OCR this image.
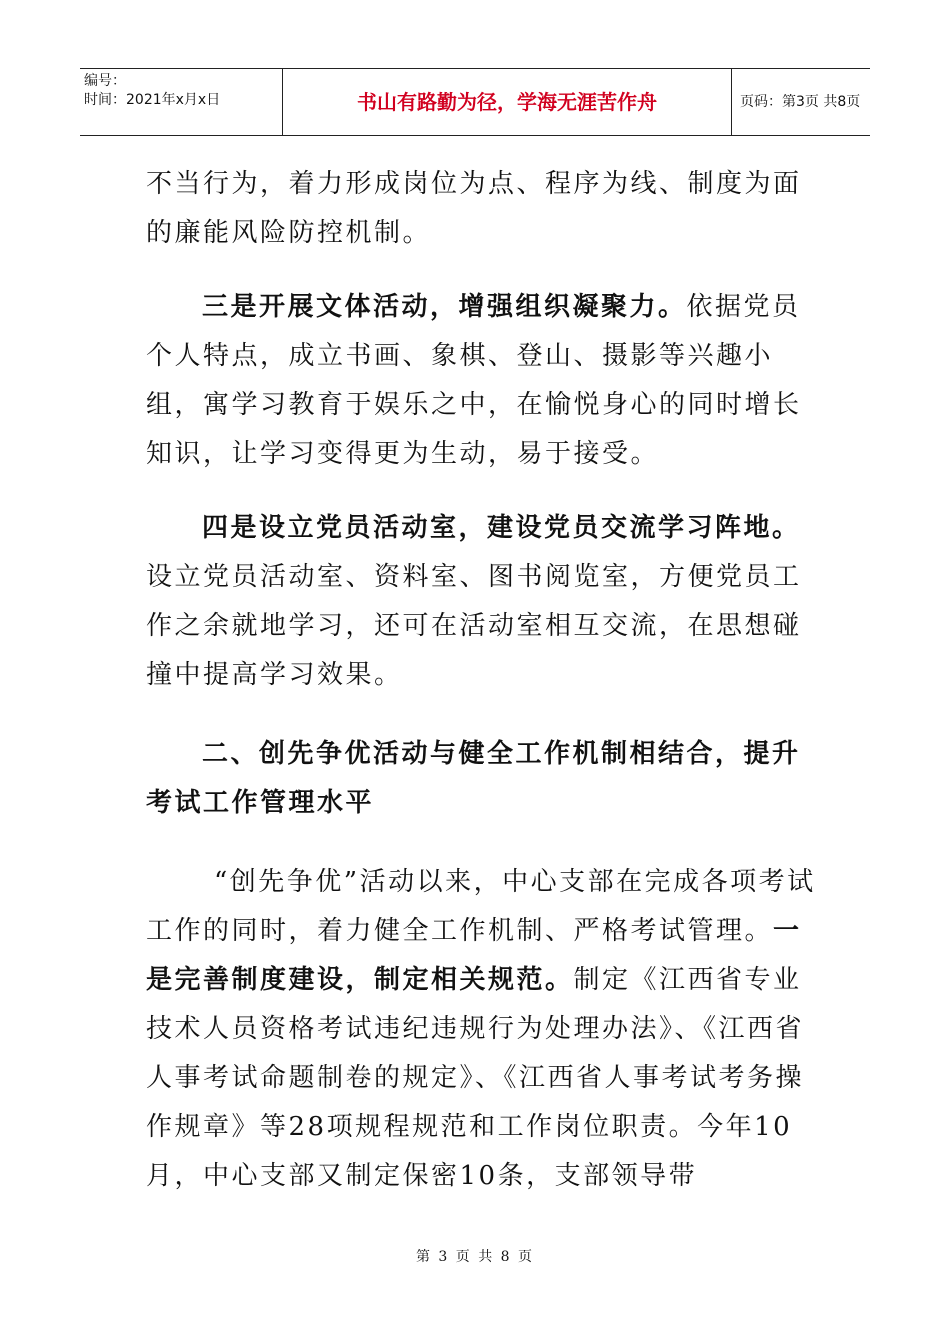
编号：
时间：2021年x月x日	书山有路勤为径，学海无涯苦作舟	页码：第3页 共8页

不当行为，着力形成岗位为点、程序为线、制度为面的廉能风险防控机制。

三是开展文体活动，增强组织凝聚力。依据党员个人特点，成立书画、象棋、登山、摄影等兴趣小组，寓学习教育于娱乐之中，在愉悦身心的同时增长知识，让学习变得更为生动，易于接受。

四是设立党员活动室，建设党员交流学习阵地。设立党员活动室、资料室、图书阅览室，方便党员工作之余就地学习，还可在活动室相互交流，在思想碰撞中提高学习效果。

二、创先争优活动与健全工作机制相结合，提升考试工作管理水平

“创先争优”活动以来，中心支部在完成各项考试工作的同时，着力健全工作机制、严格考试管理。一是完善制度建设，制定相关规范。制定《江西省专业技术人员资格考试违纪违规行为处理办法》、《江西省人事考试命题制卷的规定》、《江西省人事考试考务操作规章》等28项规程规范和工作岗位职责。今年10月，中心支部又制定保密10条，支部领导带

第 3 页 共 8 页
